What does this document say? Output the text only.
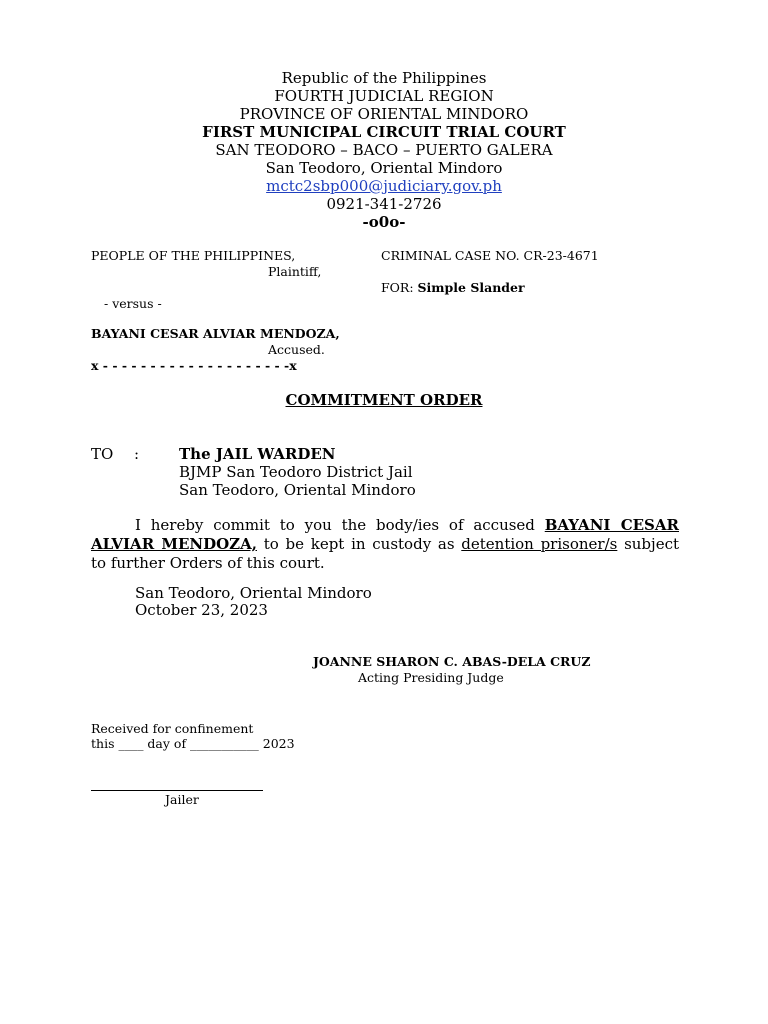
Republic of the Philippines
FOURTH JUDICIAL REGION
PROVINCE OF ORIENTAL MINDORO
FIRST MUNICIPAL CIRCUIT TRIAL COURT
SAN TEODORO – BACO – PUERTO GALERA
San Teodoro, Oriental Mindoro
mctc2sbp000@judiciary.gov.ph
0921-341-2726
-o0o-
PEOPLE OF THE PHILIPPINES,
Plaintiff,
CRIMINAL CASE NO. CR-23-4671
FOR: Simple Slander
- versus -
BAYANI CESAR ALVIAR MENDOZA,
Accused.
x - - - - - - - - - - - - - - - - - - - -x
COMMITMENT ORDER
TO :	The JAIL WARDEN
BJMP San Teodoro District Jail
San Teodoro, Oriental Mindoro
I hereby commit to you the body/ies of accused BAYANI CESAR ALVIAR MENDOZA, to be kept in custody as detention prisoner/s subject to further Orders of this court.
San Teodoro, Oriental Mindoro
October 23, 2023
JOANNE SHARON C. ABAS-DELA CRUZ
Acting Presiding Judge
Received for confinement
this ____ day of ___________ 2023
Jailer
